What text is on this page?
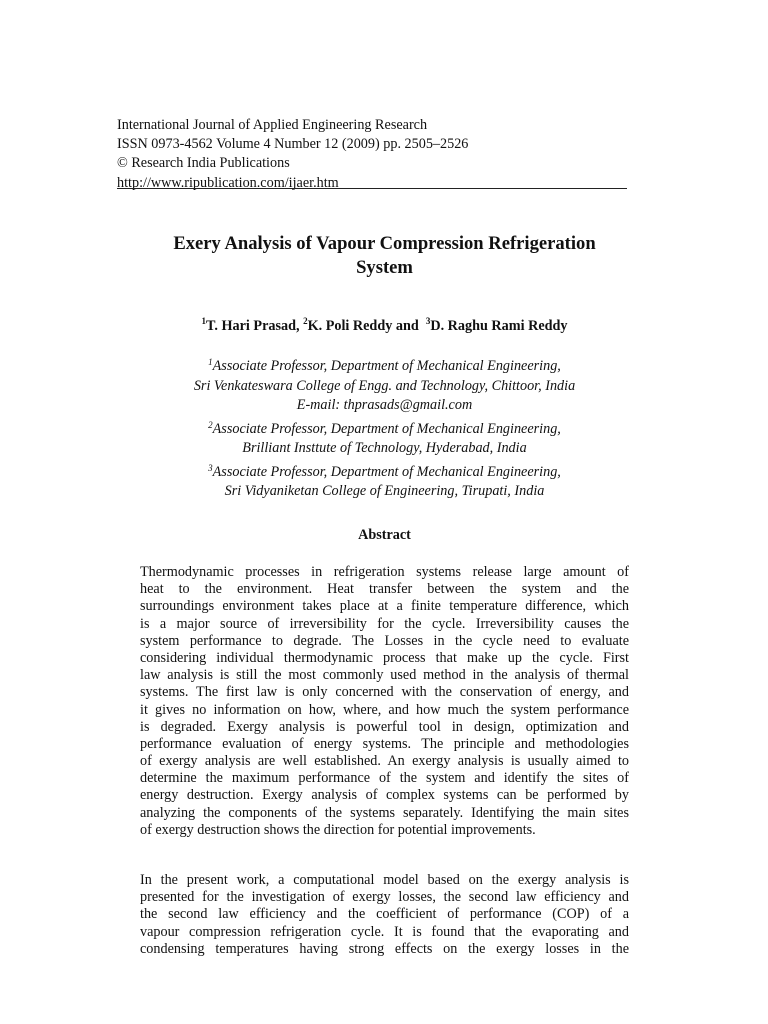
International Journal of Applied Engineering Research
ISSN 0973-4562 Volume 4 Number 12 (2009) pp. 2505–2526
© Research India Publications
http://www.ripublication.com/ijaer.htm
Exery Analysis of Vapour Compression Refrigeration
System
$^1$T. Hari Prasad, $^2$K. Poli Reddy and  $^3$D. Raghu Rami Reddy
$^1$Associate Professor, Department of Mechanical Engineering,
Sri Venkateswara College of Engg. and Technology, Chittoor, India
E-mail: thprasads@gmail.com
$^2$Associate Professor, Department of Mechanical Engineering,
Brilliant Insttute of Technology, Hyderabad, India
$^3$Associate Professor, Department of Mechanical Engineering,
Sri Vidyaniketan College of Engineering, Tirupati, India
Abstract
Thermodynamic processes in refrigeration systems release large amount of
heat to the environment. Heat transfer between the system and the
surroundings environment takes place at a finite temperature difference, which
is a major source of irreversibility for the cycle. Irreversibility causes the
system performance to degrade. The Losses in the cycle need to evaluate
considering individual thermodynamic process that make up the cycle. First
law analysis is still the most commonly used method in the analysis of thermal
systems. The first law is only concerned with the conservation of energy, and
it gives no information on how, where, and how much the system performance
is degraded. Exergy analysis is powerful tool in design, optimization and
performance evaluation of energy systems. The principle and methodologies
of exergy analysis are well established. An exergy analysis is usually aimed to
determine the maximum performance of the system and identify the sites of
energy destruction. Exergy analysis of complex systems can be performed by
analyzing the components of the systems separately. Identifying the main sites
of exergy destruction shows the direction for potential improvements.
In the present work, a computational model based on the exergy analysis is
presented for the investigation of exergy losses, the second law efficiency and
the second law efficiency and the coefficient of performance (COP) of a
vapour compression refrigeration cycle. It is found that the evaporating and
condensing temperatures having strong effects on the exergy losses in the
